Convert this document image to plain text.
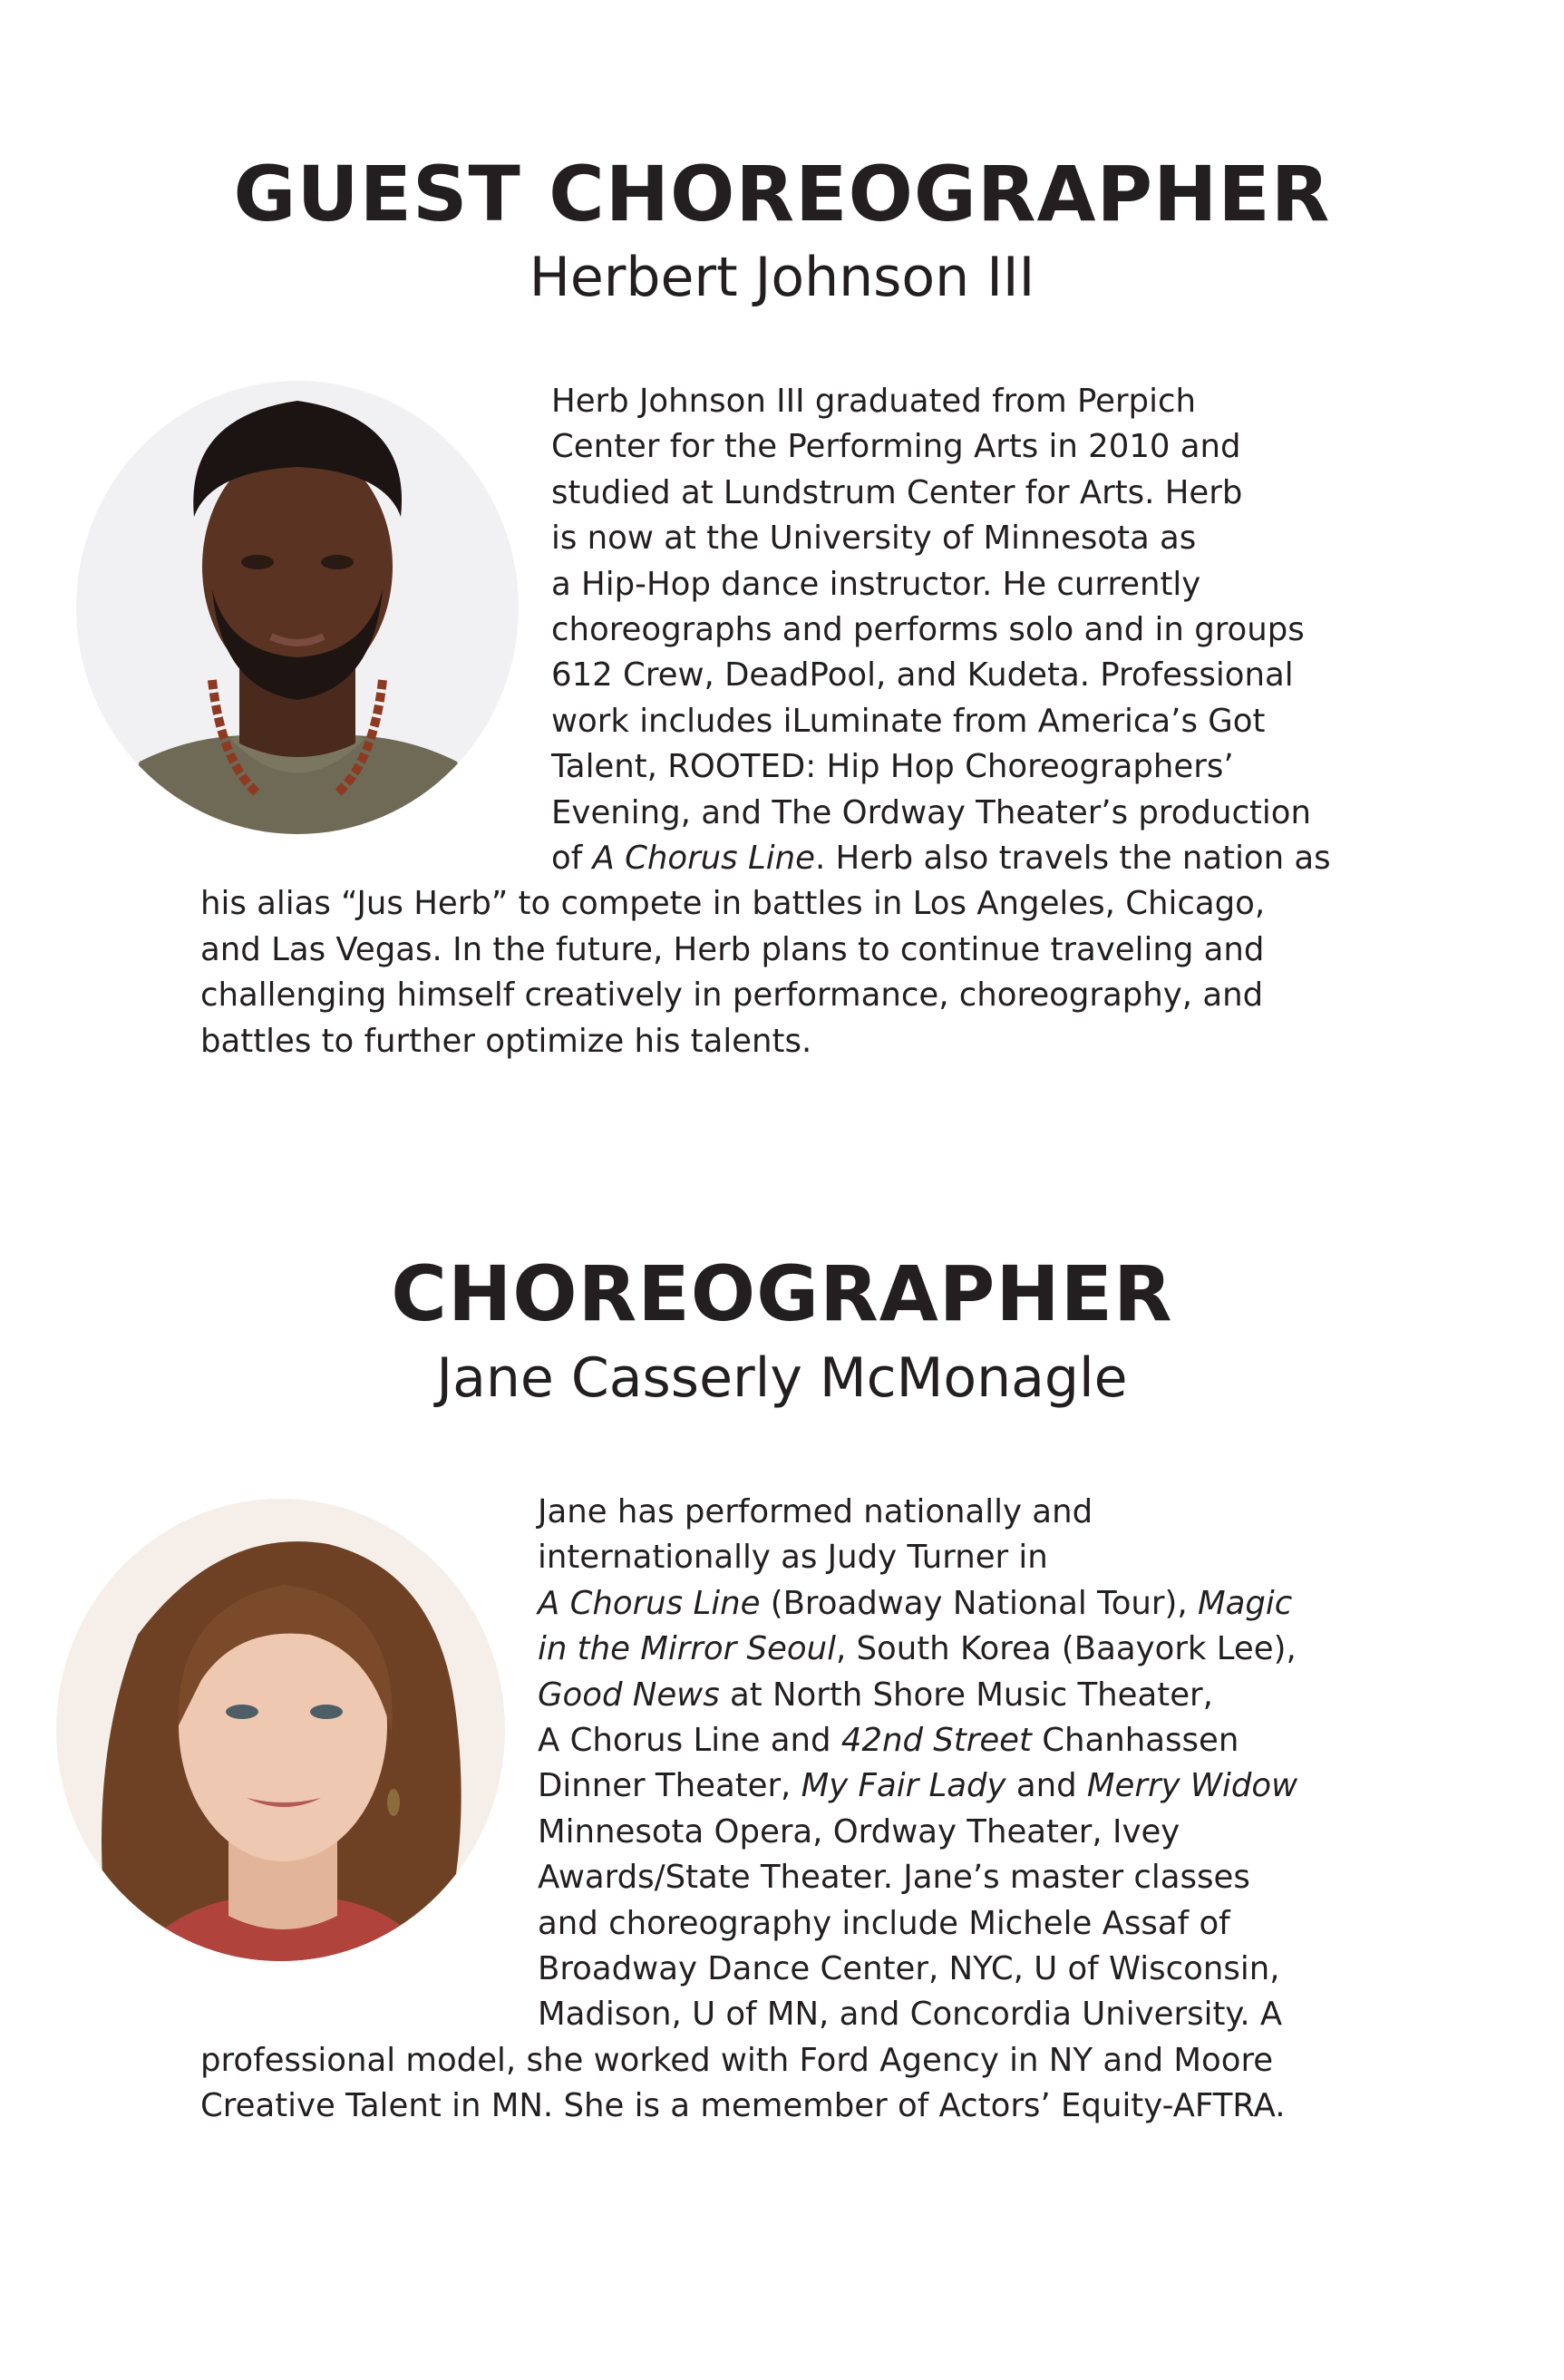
GUEST CHOREOGRAPHER
Herbert Johnson III
Herb Johnson III graduated from Perpich
Center for the Performing Arts in 2010 and
studied at Lundstrum Center for Arts. Herb
is now at the University of Minnesota as
a Hip-Hop dance instructor. He currently
choreographs and performs solo and in groups
612 Crew, DeadPool, and Kudeta. Professional
work includes iLuminate from America’s Got
Talent, ROOTED: Hip Hop Choreographers’
Evening, and The Ordway Theater’s production
of A Chorus Line. Herb also travels the nation as
his alias “Jus Herb” to compete in battles in Los Angeles, Chicago,
and Las Vegas. In the future, Herb plans to continue traveling and
challenging himself creatively in performance, choreography, and
battles to further optimize his talents.
CHOREOGRAPHER
Jane Casserly McMonagle
Jane has performed nationally and
internationally as Judy Turner in
A Chorus Line (Broadway National Tour), Magic
in the Mirror Seoul, South Korea (Baayork Lee),
Good News at North Shore Music Theater,
A Chorus Line and 42nd Street Chanhassen
Dinner Theater, My Fair Lady and Merry Widow
Minnesota Opera, Ordway Theater, Ivey
Awards/State Theater. Jane’s master classes
and choreography include Michele Assaf of
Broadway Dance Center, NYC, U of Wisconsin,
Madison, U of MN, and Concordia University. A
professional model, she worked with Ford Agency in NY and Moore
Creative Talent in MN. She is a memember of Actors’ Equity-AFTRA.
